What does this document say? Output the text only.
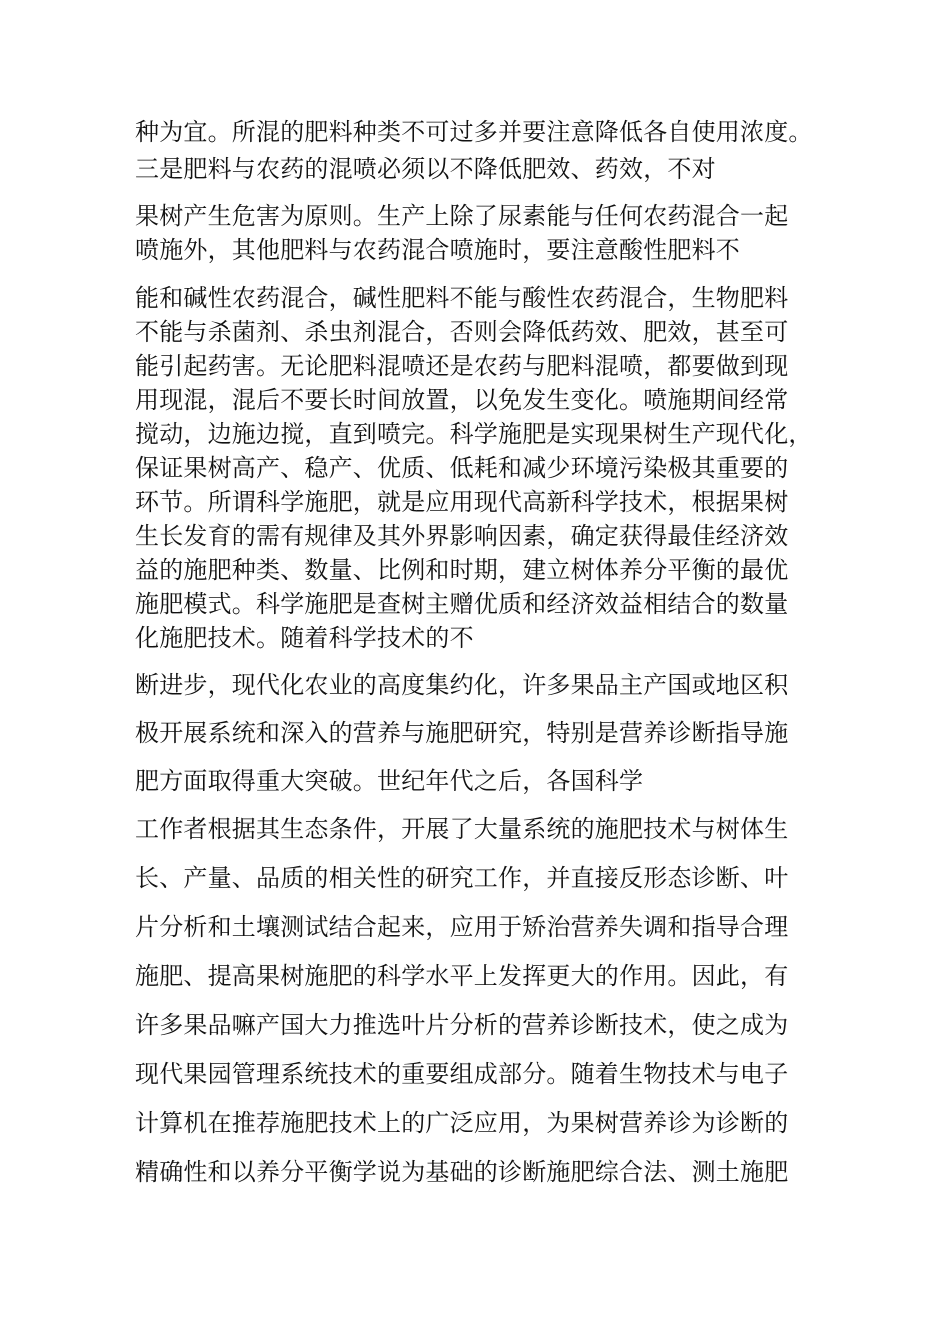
种为宜。所混的肥料种类不可过多并要注意降低各自使用浓度。
三是肥料与农药的混喷必须以不降低肥效、药效，不对
果树产生危害为原则。生产上除了尿素能与任何农药混合一起
喷施外，其他肥料与农药混合喷施时，要注意酸性肥料不
能和碱性农药混合，碱性肥料不能与酸性农药混合，生物肥料
不能与杀菌剂、杀虫剂混合，否则会降低药效、肥效，甚至可
能引起药害。无论肥料混喷还是农药与肥料混喷，都要做到现
用现混，混后不要长时间放置，以免发生变化。喷施期间经常
搅动，边施边搅，直到喷完。科学施肥是实现果树生产现代化，
保证果树高产、稳产、优质、低耗和减少环境污染极其重要的
环节。所谓科学施肥，就是应用现代高新科学技术，根据果树
生长发育的需有规律及其外界影响因素，确定获得最佳经济效
益的施肥种类、数量、比例和时期，建立树体养分平衡的最优
施肥模式。科学施肥是查树主赠优质和经济效益相结合的数量
化施肥技术。随着科学技术的不
断进步，现代化农业的高度集约化，许多果品主产国或地区积
极开展系统和深入的营养与施肥研究，特别是营养诊断指导施
肥方面取得重大突破。世纪年代之后，各国科学
工作者根据其生态条件，开展了大量系统的施肥技术与树体生
长、产量、品质的相关性的研究工作，并直接反形态诊断、叶
片分析和土壤测试结合起来，应用于矫治营养失调和指导合理
施肥、提高果树施肥的科学水平上发挥更大的作用。因此，有
许多果品嘛产国大力推选叶片分析的营养诊断技术，使之成为
现代果园管理系统技术的重要组成部分。随着生物技术与电子
计算机在推荐施肥技术上的广泛应用，为果树营养诊为诊断的
精确性和以养分平衡学说为基础的诊断施肥综合法、测土施肥
